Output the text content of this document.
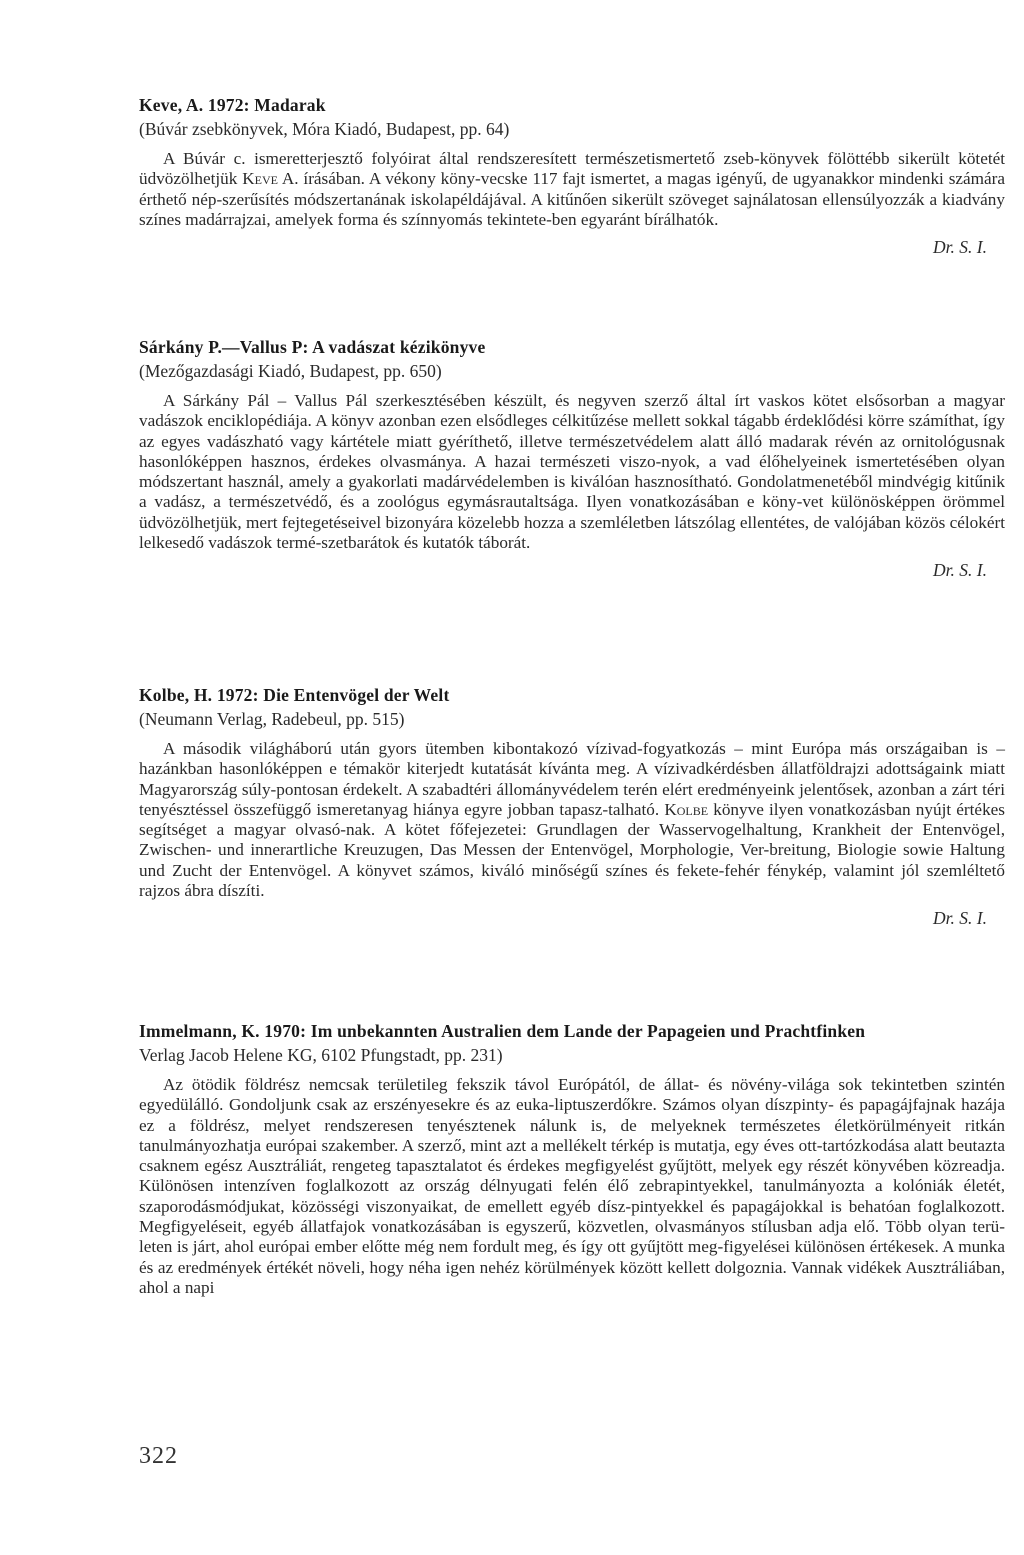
Keve, A. 1972: Madarak

(Búvár zsebkönyvek, Móra Kiadó, Budapest, pp. 64)

A Búvár c. ismeretterjesztő folyóirat által rendszeresített természetismertető zseb-könyvek fölöttébb sikerült kötetét üdvözölhetjük Keve A. írásában. A vékony köny-vecske 117 fajt ismertet, a magas igényű, de ugyanakkor mindenki számára érthető nép-szerűsítés módszertanának iskolapéldájával. A kitűnően sikerült szöveget sajnálatosan ellensúlyozzák a kiadvány színes madárrajzai, amelyek forma és színnyomás tekintete-ben egyaránt bírálhatók.

Dr. S. I.

Sárkány P.—Vallus P: A vadászat kézikönyve

(Mezőgazdasági Kiadó, Budapest, pp. 650)

A Sárkány Pál – Vallus Pál szerkesztésében készült, és negyven szerző által írt vaskos kötet elsősorban a magyar vadászok enciklopédiája. A könyv azonban ezen elsődleges célkitűzése mellett sokkal tágabb érdeklődési körre számíthat, így az egyes vadászható vagy kártétele miatt gyéríthető, illetve természetvédelem alatt álló madarak révén az ornitológusnak hasonlóképpen hasznos, érdekes olvasmánya. A hazai természeti viszo-nyok, a vad élőhelyeinek ismertetésében olyan módszertant használ, amely a gyakorlati madárvédelemben is kiválóan hasznosítható. Gondolatmenetéből mindvégig kitűnik a vadász, a természetvédő, és a zoológus egymásrautaltsága. Ilyen vonatkozásában e köny-vet különösképpen örömmel üdvözölhetjük, mert fejtegetéseivel bizonyára közelebb hozza a szemléletben látszólag ellentétes, de valójában közös célokért lelkesedő vadászok termé-szetbarátok és kutatók táborát.

Dr. S. I.

Kolbe, H. 1972: Die Entenvögel der Welt

(Neumann Verlag, Radebeul, pp. 515)

A második világháború után gyors ütemben kibontakozó vízivad-fogyatkozás – mint Európa más országaiban is – hazánkban hasonlóképpen e témakör kiterjedt kutatását kívánta meg. A vízivadkérdésben állatföldrajzi adottságaink miatt Magyarország súly-pontosan érdekelt. A szabadtéri állományvédelem terén elért eredményeink jelentősek, azonban a zárt téri tenyésztéssel összefüggő ismeretanyag hiánya egyre jobban tapasz-talható. Kolbe könyve ilyen vonatkozásban nyújt értékes segítséget a magyar olvasó-nak. A kötet főfejezetei: Grundlagen der Wasservogelhaltung, Krankheit der Entenvögel, Zwischen- und innerartliche Kreuzugen, Das Messen der Entenvögel, Morphologie, Ver-breitung, Biologie sowie Haltung und Zucht der Entenvögel. A könyvet számos, kiváló minőségű színes és fekete-fehér fénykép, valamint jól szemléltető rajzos ábra díszíti.

Dr. S. I.

Immelmann, K. 1970: Im unbekannten Australien dem Lande der Papageien und Prachtfinken

Verlag Jacob Helene KG, 6102 Pfungstadt, pp. 231)

Az ötödik földrész nemcsak területileg fekszik távol Európától, de állat- és növény-világa sok tekintetben szintén egyedülálló. Gondoljunk csak az erszényesekre és az euka-liptuszerdőkre. Számos olyan díszpinty- és papagájfajnak hazája ez a földrész, melyet rendszeresen tenyésztenek nálunk is, de melyeknek természetes életkörülményeit ritkán tanulmányozhatja európai szakember. A szerző, mint azt a mellékelt térkép is mutatja, egy éves ott-tartózkodása alatt beutazta csaknem egész Ausztráliát, rengeteg tapasztalatot és érdekes megfigyelést gyűjtött, melyek egy részét könyvében közreadja. Különösen intenzíven foglalkozott az ország délnyugati felén élő zebrapintyekkel, tanulmányozta a kolóniák életét, szaporodásmódjukat, közösségi viszonyaikat, de emellett egyéb dísz-pintyekkel és papagájokkal is behatóan foglalkozott. Megfigyeléseit, egyéb állatfajok vonatkozásában is egyszerű, közvetlen, olvasmányos stílusban adja elő. Több olyan terü-leten is járt, ahol európai ember előtte még nem fordult meg, és így ott gyűjtött meg-figyelései különösen értékesek. A munka és az eredmények értékét növeli, hogy néha igen nehéz körülmények között kellett dolgoznia. Vannak vidékek Ausztráliában, ahol a napi

322
